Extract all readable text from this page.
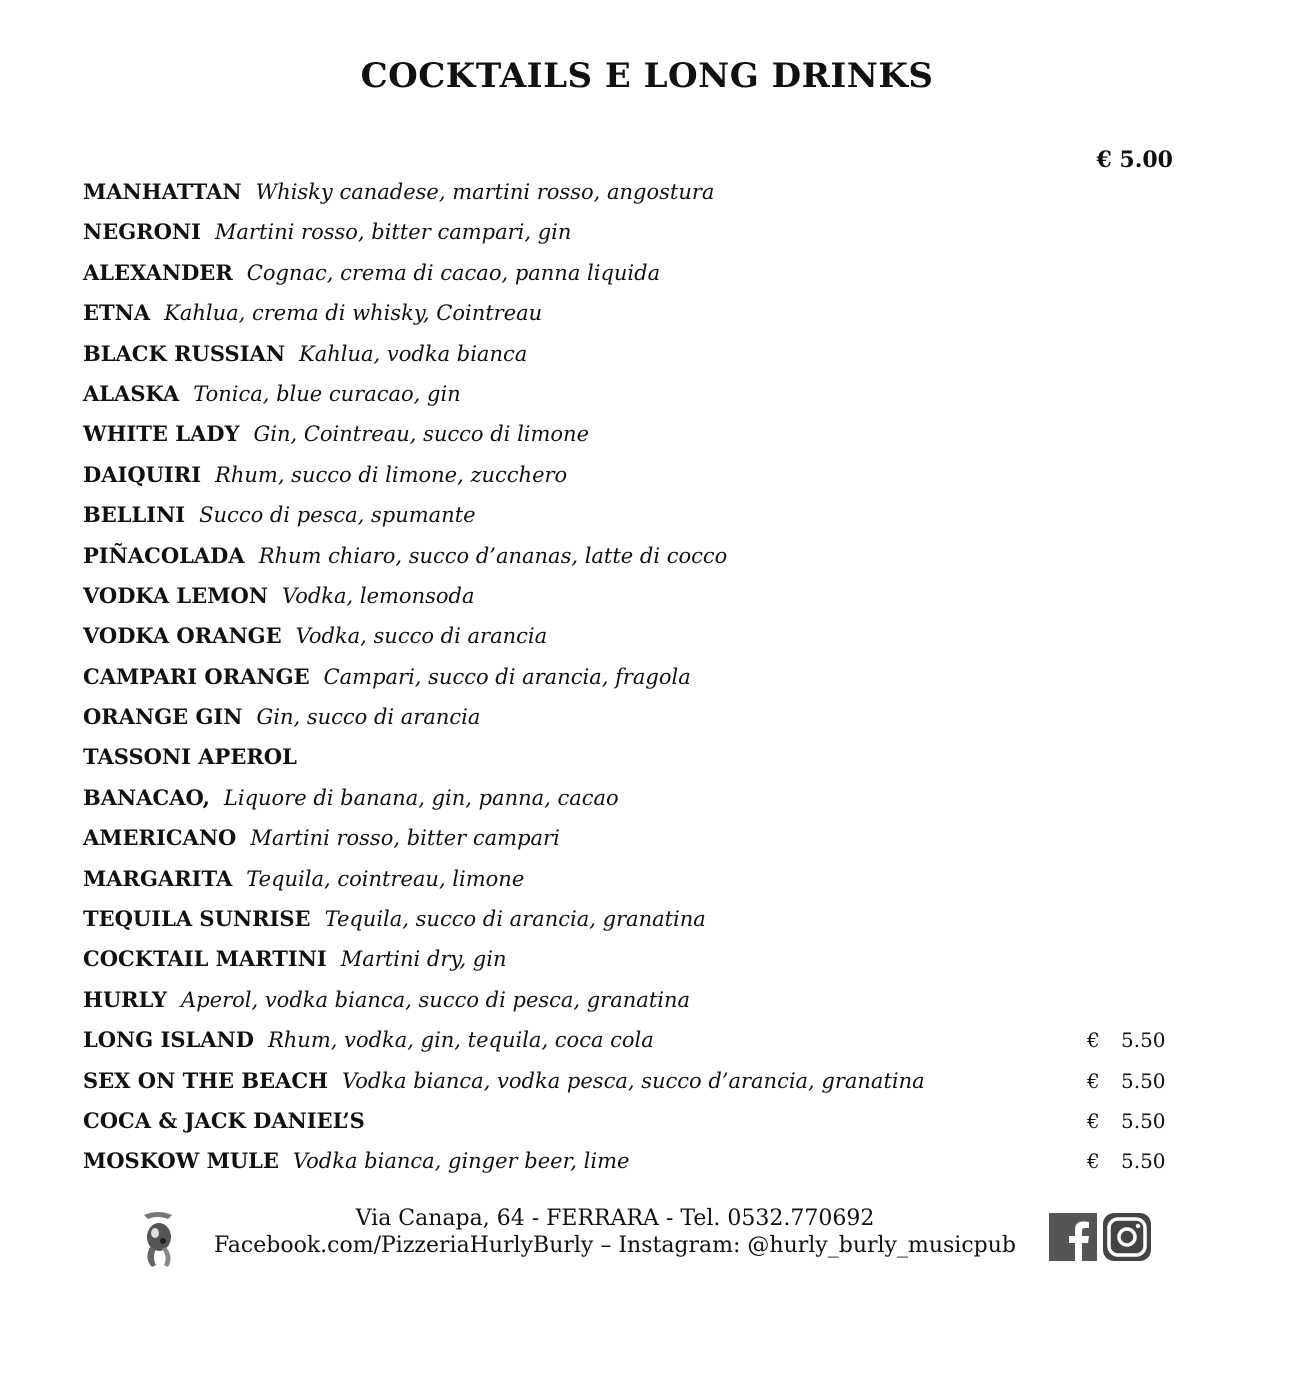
COCKTAILS E LONG DRINKS
€ 5.00
MANHATTAN Whisky canadese, martini rosso, angostura
NEGRONI Martini rosso, bitter campari, gin
ALEXANDER Cognac, crema di cacao, panna liquida
ETNA Kahlua, crema di whisky, Cointreau
BLACK RUSSIAN Kahlua, vodka bianca
ALASKA Tonica, blue curacao, gin
WHITE LADY Gin, Cointreau, succo di limone
DAIQUIRI Rhum, succo di limone, zucchero
BELLINI Succo di pesca, spumante
PIÑACOLADA Rhum chiaro, succo d’ananas, latte di cocco
VODKA LEMON Vodka, lemonsoda
VODKA ORANGE Vodka, succo di arancia
CAMPARI ORANGE Campari, succo di arancia, fragola
ORANGE GIN Gin, succo di arancia
TASSONI APEROL
BANACAO, Liquore di banana, gin, panna, cacao
AMERICANO Martini rosso, bitter campari
MARGARITA Tequila, cointreau, limone
TEQUILA SUNRISE Tequila, succo di arancia, granatina
COCKTAIL MARTINI Martini dry, gin
HURLY Aperol, vodka bianca, succo di pesca, granatina
LONG ISLAND Rhum, vodka, gin, tequila, coca cola	€ 5.50
SEX ON THE BEACH Vodka bianca, vodka pesca, succo d’arancia, granatina	€ 5.50
COCA & JACK DANIEL’S	€ 5.50
MOSKOW MULE Vodka bianca, ginger beer, lime	€ 5.50
Via Canapa, 64 - FERRARA - Tel. 0532.770692
Facebook.com/PizzeriaHurlyBurly – Instagram: @hurly_burly_musicpub
